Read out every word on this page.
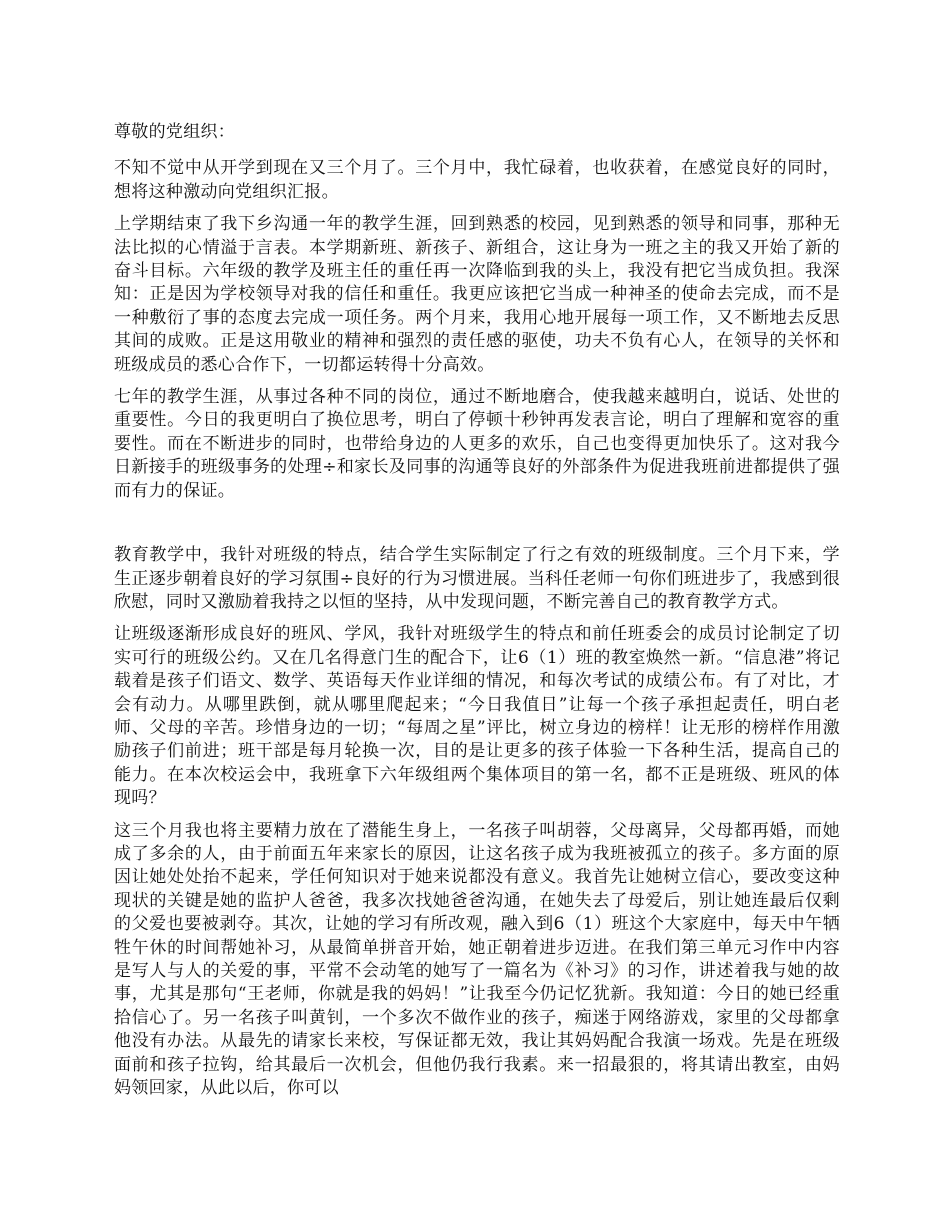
尊敬的党组织：

不知不觉中从开学到现在又三个月了。三个月中，我忙碌着，也收获着，在感觉良好的同时，想将这种激动向党组织汇报。

上学期结束了我下乡沟通一年的教学生涯，回到熟悉的校园，见到熟悉的领导和同事，那种无法比拟的心情溢于言表。本学期新班、新孩子、新组合，这让身为一班之主的我又开始了新的奋斗目标。六年级的教学及班主任的重任再一次降临到我的头上，我没有把它当成负担。我深知：正是因为学校领导对我的信任和重任。我更应该把它当成一种神圣的使命去完成，而不是一种敷衍了事的态度去完成一项任务。两个月来，我用心地开展每一项工作，又不断地去反思其间的成败。正是这用敬业的精神和强烈的责任感的驱使，功夫不负有心人，在领导的关怀和班级成员的悉心合作下，一切都运转得十分高效。

七年的教学生涯，从事过各种不同的岗位，通过不断地磨合，使我越来越明白，说话、处世的重要性。今日的我更明白了换位思考，明白了停顿十秒钟再发表言论，明白了理解和宽容的重要性。而在不断进步的同时，也带给身边的人更多的欢乐，自己也变得更加快乐了。这对我今日新接手的班级事务的处理÷和家长及同事的沟通等良好的外部条件为促进我班前进都提供了强而有力的保证。

教育教学中，我针对班级的特点，结合学生实际制定了行之有效的班级制度。三个月下来，学生正逐步朝着良好的学习氛围÷良好的行为习惯进展。当科任老师一句你们班进步了，我感到很欣慰，同时又激励着我持之以恒的坚持，从中发现问题，不断完善自己的教育教学方式。

让班级逐渐形成良好的班风、学风，我针对班级学生的特点和前任班委会的成员讨论制定了切实可行的班级公约。又在几名得意门生的配合下，让6（1）班的教室焕然一新。“信息港”将记载着是孩子们语文、数学、英语每天作业详细的情况，和每次考试的成绩公布。有了对比，才会有动力。从哪里跌倒，就从哪里爬起来；“今日我值日”让每一个孩子承担起责任，明白老师、父母的辛苦。珍惜身边的一切；“每周之星”评比，树立身边的榜样！让无形的榜样作用激励孩子们前进；班干部是每月轮换一次，目的是让更多的孩子体验一下各种生活，提高自己的能力。在本次校运会中，我班拿下六年级组两个集体项目的第一名，都不正是班级、班风的体现吗？

这三个月我也将主要精力放在了潜能生身上，一名孩子叫胡蓉，父母离异，父母都再婚，而她成了多余的人，由于前面五年来家长的原因，让这名孩子成为我班被孤立的孩子。多方面的原因让她处处抬不起来，学任何知识对于她来说都没有意义。我首先让她树立信心，要改变这种现状的关键是她的监护人爸爸，我多次找她爸爸沟通，在她失去了母爱后，别让她连最后仅剩的父爱也要被剥夺。其次，让她的学习有所改观，融入到6（1）班这个大家庭中，每天中午牺牲午休的时间帮她补习，从最简单拼音开始，她正朝着进步迈进。在我们第三单元习作中内容是写人与人的关爱的事，平常不会动笔的她写了一篇名为《补习》的习作，讲述着我与她的故事，尤其是那句“王老师，你就是我的妈妈！”让我至今仍记忆犹新。我知道：今日的她已经重拾信心了。另一名孩子叫黄钊，一个多次不做作业的孩子，痴迷于网络游戏，家里的父母都拿他没有办法。从最先的请家长来校，写保证都无效，我让其妈妈配合我演一场戏。先是在班级面前和孩子拉钩，给其最后一次机会，但他仍我行我素。来一招最狠的，将其请出教室，由妈妈领回家，从此以后，你可以
